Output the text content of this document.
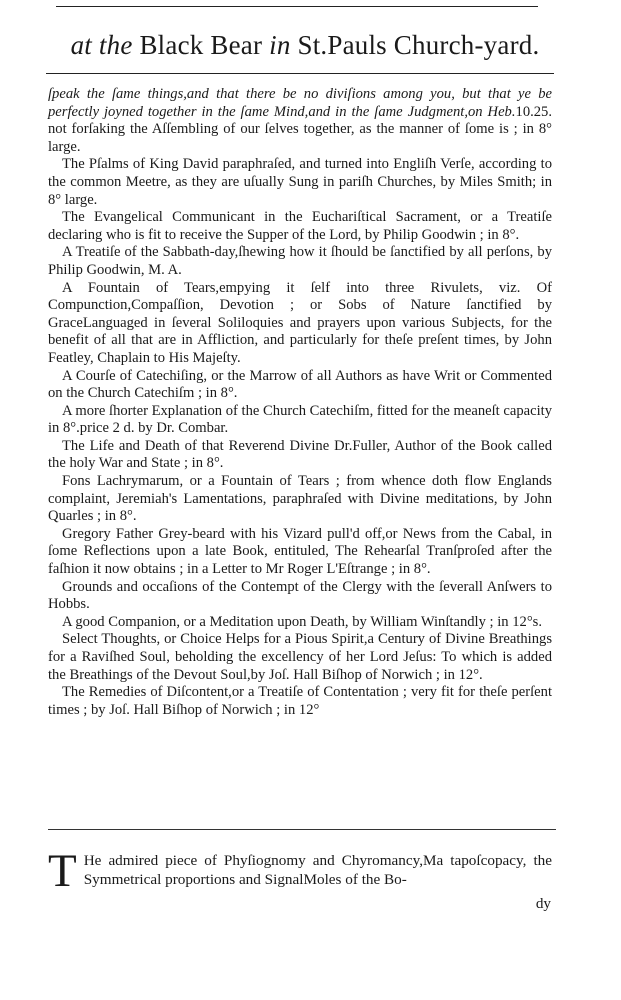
at the Black Bear in St.Pauls Church-yard.

ſpeak the ſame things,and that there be no diviſions among you, but that ye be perfectly joyned together in the ſame Mind,and in the ſame Judgment,on Heb.10.25. not forſaking the Aſſembling of our ſelves together, as the manner of ſome is ; in 8° large.

The Pſalms of King David paraphraſed, and turned into Engliſh Verſe, according to the common Meetre, as they are uſually Sung in pariſh Churches, by Miles Smith; in 8° large.

The Evangelical Communicant in the Euchariſtical Sacrament, or a Treatiſe declaring who is fit to receive the Supper of the Lord, by Philip Goodwin ; in 8°.

A Treatiſe of the Sabbath-day,ſhewing how it ſhould be ſanctified by all perſons, by Philip Goodwin, M. A.

A Fountain of Tears,empying it ſelf into three Rivulets, viz. Of Compunction,Compaſſion, Devotion ; or Sobs of Nature ſanctified by GraceLanguaged in ſeveral Soliloquies and prayers upon various Subjects, for the benefit of all that are in Affliction, and particularly for theſe preſent times, by John Featley, Chaplain to His Majeſty.

A Courſe of Catechiſing, or the Marrow of all Authors as have Writ or Commented on the Church Catechiſm ; in 8°.

A more ſhorter Explanation of the Church Catechiſm, fitted for the meaneſt capacity in 8°.price 2 d. by Dr. Combar.

The Life and Death of that Reverend Divine Dr.Fuller, Author of the Book called the holy War and State ; in 8°.

Fons Lachrymarum, or a Fountain of Tears ; from whence doth flow Englands complaint, Jeremiah's Lamentations, paraphraſed with Divine meditations, by John Quarles ; in 8°.

Gregory Father Grey-beard with his Vizard pull'd off,or News from the Cabal, in ſome Reflections upon a late Book, entituled, The Rehearſal Tranſproſed after the faſhion it now obtains ; in a Letter to Mr Roger L'Eſtrange ; in 8°.

Grounds and occaſions of the Contempt of the Clergy with the ſeverall Anſwers to Hobbs.

A good Companion, or a Meditation upon Death, by William Winſtandly ; in 12°s.

Select Thoughts, or Choice Helps for a Pious Spirit,a Century of Divine Breathings for a Raviſhed Soul, beholding the excellency of her Lord Jeſus: To which is added the Breathings of the Devout Soul,by Joſ. Hall Biſhop of Norwich ; in 12°.

The Remedies of Diſcontent,or a Treatiſe of Contentation ; very fit for theſe perſent times ; by Joſ. Hall Biſhop of Norwich ; in 12°

T He admired piece of Phyſiognomy and Chyromancy,Ma tapoſcopacy, the Symmetrical proportions and SignalMoles of the Bo-
dy
